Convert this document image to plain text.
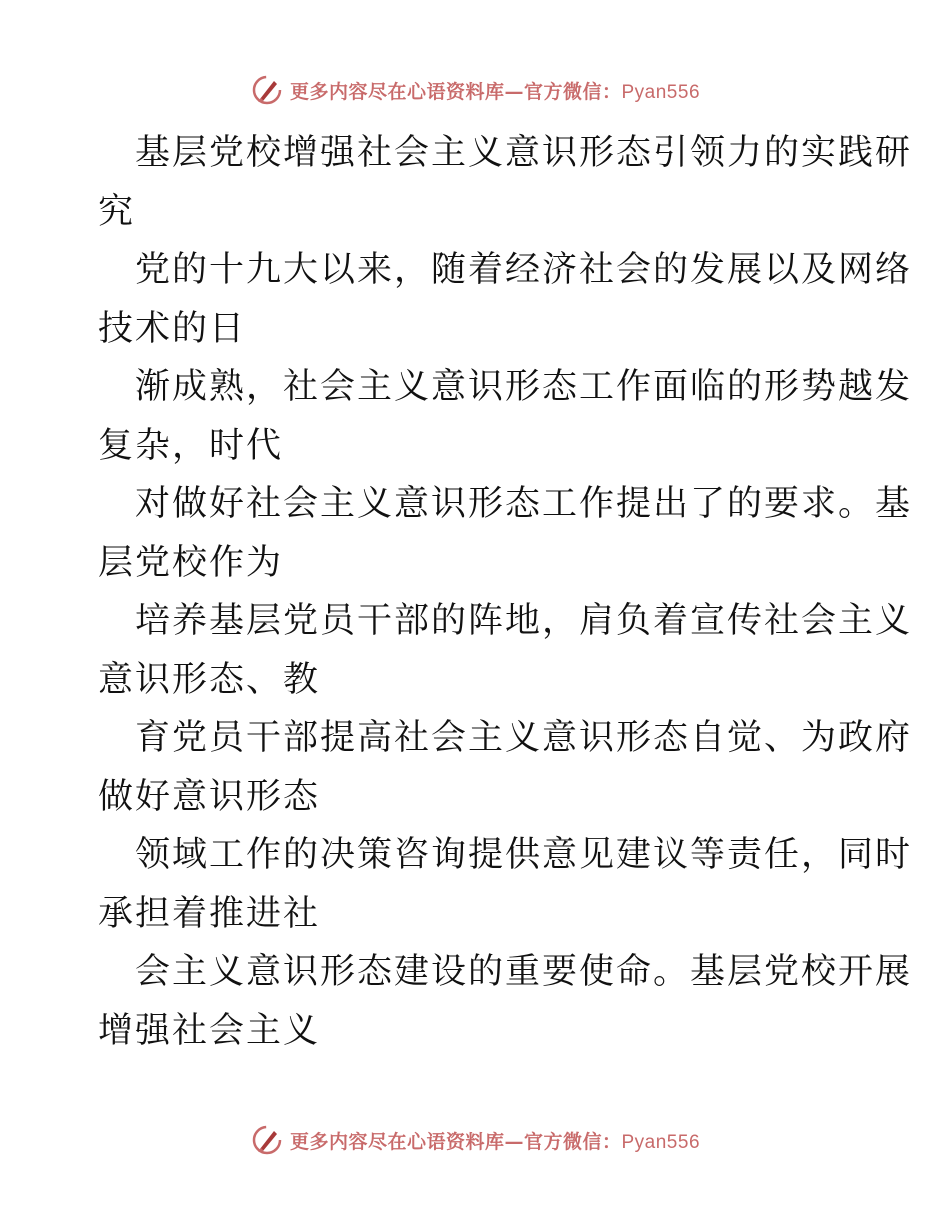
更多内容尽在心语资料库—官方微信：Pyan556
基层党校增强社会主义意识形态引领力的实践研
究
党的十九大以来，随着经济社会的发展以及网络
技术的日
渐成熟，社会主义意识形态工作面临的形势越发
复杂，时代
对做好社会主义意识形态工作提出了的要求。基
层党校作为
培养基层党员干部的阵地，肩负着宣传社会主义
意识形态、教
育党员干部提高社会主义意识形态自觉、为政府
做好意识形态
领域工作的决策咨询提供意见建议等责任，同时
承担着推进社
会主义意识形态建设的重要使命。基层党校开展
增强社会主义
更多内容尽在心语资料库—官方微信：Pyan556
